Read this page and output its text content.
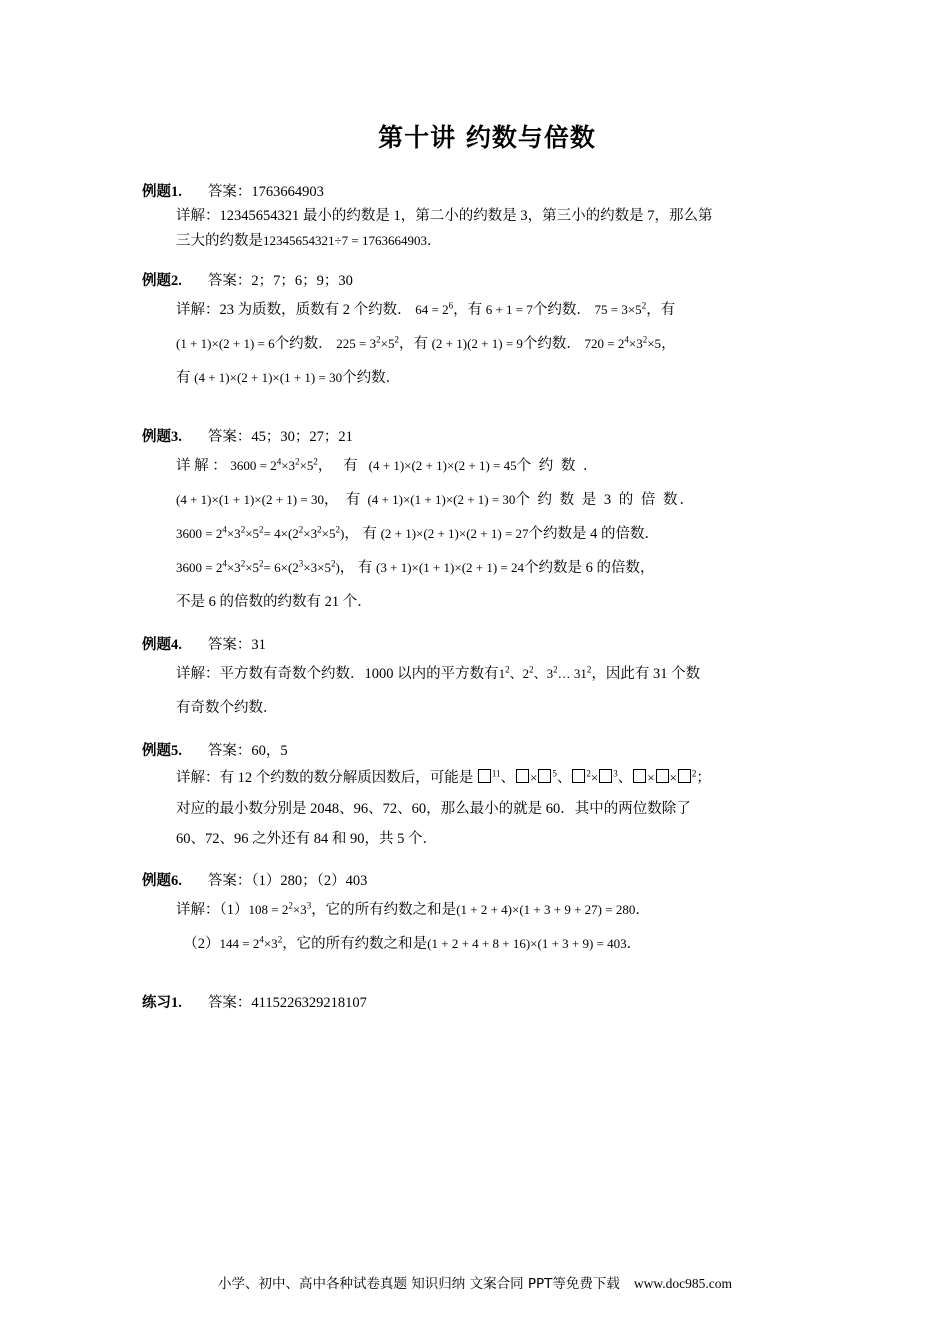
第十讲 约数与倍数
例题1. 答案：1763664903
详解：12345654321 最小的约数是 1，第二小的约数是 3，第三小的约数是 7，那么第
三大的约数是12345654321÷7 = 1763664903．
例题2. 答案：2；7；6；9；30
详解：23 为质数，质数有 2 个约数． $64 = 2^6$，有 6 + 1 = 7个约数． $75 = 3\times 5^2$，有
(1 + 1)×(2 + 1) = 6个约数． $225 = 3^2\times 5^2$，有 (2 + 1)(2 + 1) = 9个约数． $720 = 2^4\times 3^2\times 5$，
有 (4 + 1)×(2 + 1)×(1 + 1) = 30个约数．
例题3. 答案：45；30；27；21
详 解 ： $3600 = 2^4\times 3^2\times 5^2$， 有 (4 + 1)×(2 + 1)×(2 + 1) = 45个 约 数 ．
(4 + 1)×(1 + 1)×(2 + 1) = 30， 有 (4 + 1)×(1 + 1)×(2 + 1) = 30个 约 数 是 3 的 倍 数．
$3600 = 2^4\times 3^2\times 5^2= 4\times(2^2\times 3^2\times 5^2)$， 有 (2 + 1)×(2 + 1)×(2 + 1) = 27个约数是 4 的倍数．
$3600 = 2^4\times 3^2\times 5^2= 6\times(2^3\times 3\times 5^2)$， 有 (3 + 1)×(1 + 1)×(2 + 1) = 24个约数是 6 的倍数，
不是 6 的倍数的约数有 21 个．
例题4. 答案：31
详解：平方数有奇数个约数．1000 以内的平方数有$1^2$、$2^2$、$3^2\dots$ $31^2$，因此有 31 个数
有奇数个约数．
例题5. 答案：60，5
详解：有 12 个约数的数分解质因数后，可能是 $^{11}$、 × $^5$、 $^2$× $^3$、 × × $^2$；
对应的最小数分别是 2048、96、72、60，那么最小的就是 60．其中的两位数除了
60、72、96 之外还有 84 和 90，共 5 个．
例题6. 答案：（1）280；（2）403
详解：$(1)108 = 2^2\times 3^3$，它的所有约数之和是(1 + 2 + 4)×(1 + 3 + 9 + 27) = 280．
$(2)144 = 2^4\times 3^2$，它的所有约数之和是(1 + 2 + 4 + 8 + 16)×(1 + 3 + 9) = 403．
练习1. 答案：4115226329218107
小学、初中、高中各种试卷真题 知识归纳 文案合同 PPT等免费下载 www.doc985.com
